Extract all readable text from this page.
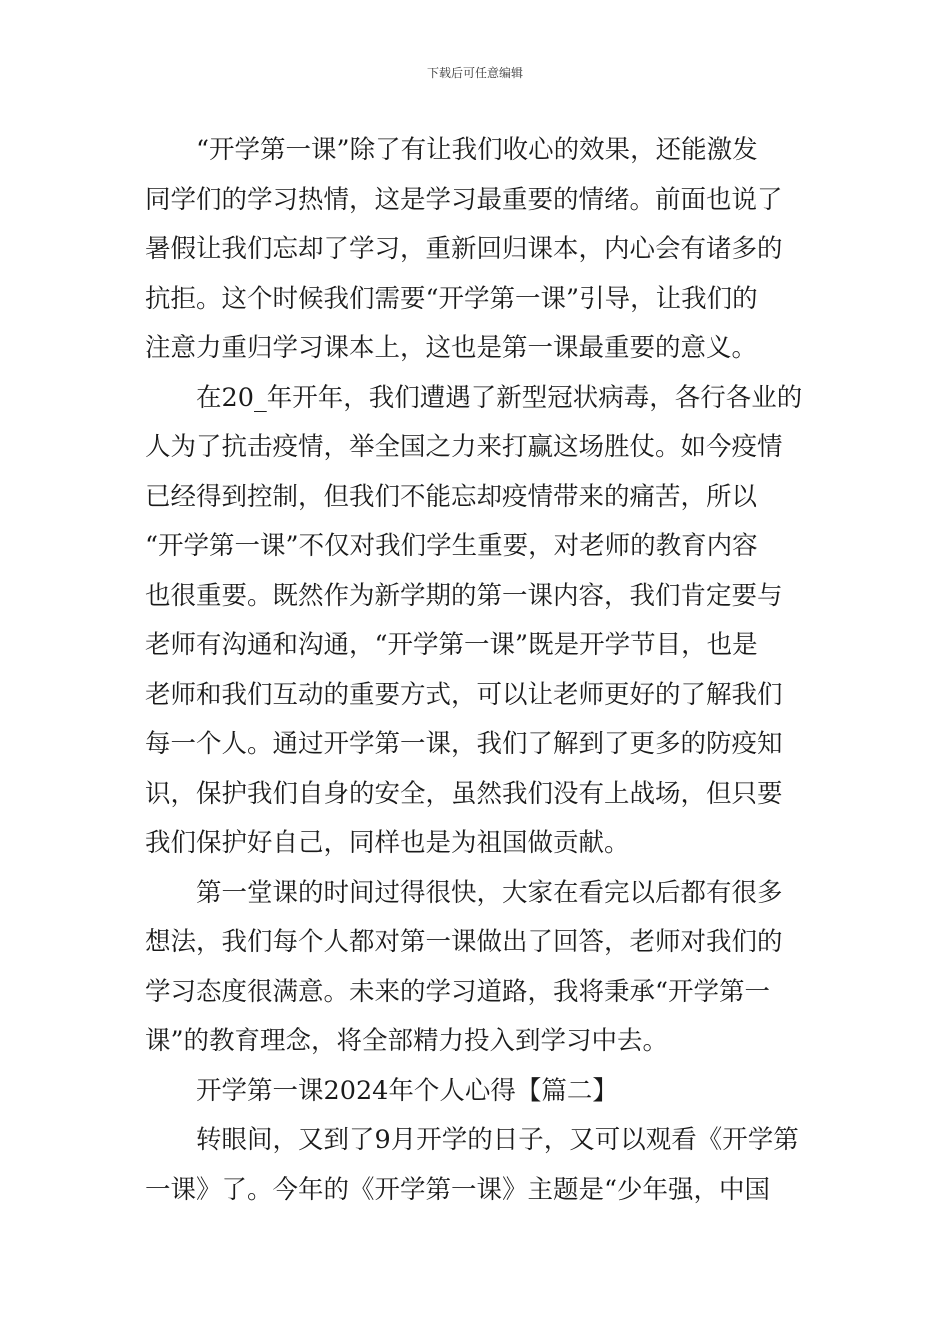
下载后可任意编辑
“开学第一课”除了有让我们收心的效果，还能激发
同学们的学习热情，这是学习最重要的情绪。前面也说了
暑假让我们忘却了学习，重新回归课本，内心会有诸多的
抗拒。这个时候我们需要“开学第一课”引导，让我们的
注意力重归学习课本上，这也是第一课最重要的意义。
在20_年开年，我们遭遇了新型冠状病毒，各行各业的
人为了抗击疫情，举全国之力来打赢这场胜仗。如今疫情
已经得到控制，但我们不能忘却疫情带来的痛苦，所以
“开学第一课”不仅对我们学生重要，对老师的教育内容
也很重要。既然作为新学期的第一课内容，我们肯定要与
老师有沟通和沟通，“开学第一课”既是开学节目，也是
老师和我们互动的重要方式，可以让老师更好的了解我们
每一个人。通过开学第一课，我们了解到了更多的防疫知
识，保护我们自身的安全，虽然我们没有上战场，但只要
我们保护好自己，同样也是为祖国做贡献。
第一堂课的时间过得很快，大家在看完以后都有很多
想法，我们每个人都对第一课做出了回答，老师对我们的
学习态度很满意。未来的学习道路，我将秉承“开学第一
课”的教育理念，将全部精力投入到学习中去。
开学第一课2024年个人心得【篇二】
转眼间，又到了9月开学的日子，又可以观看《开学第
一课》了。今年的《开学第一课》主题是“少年强，中国
